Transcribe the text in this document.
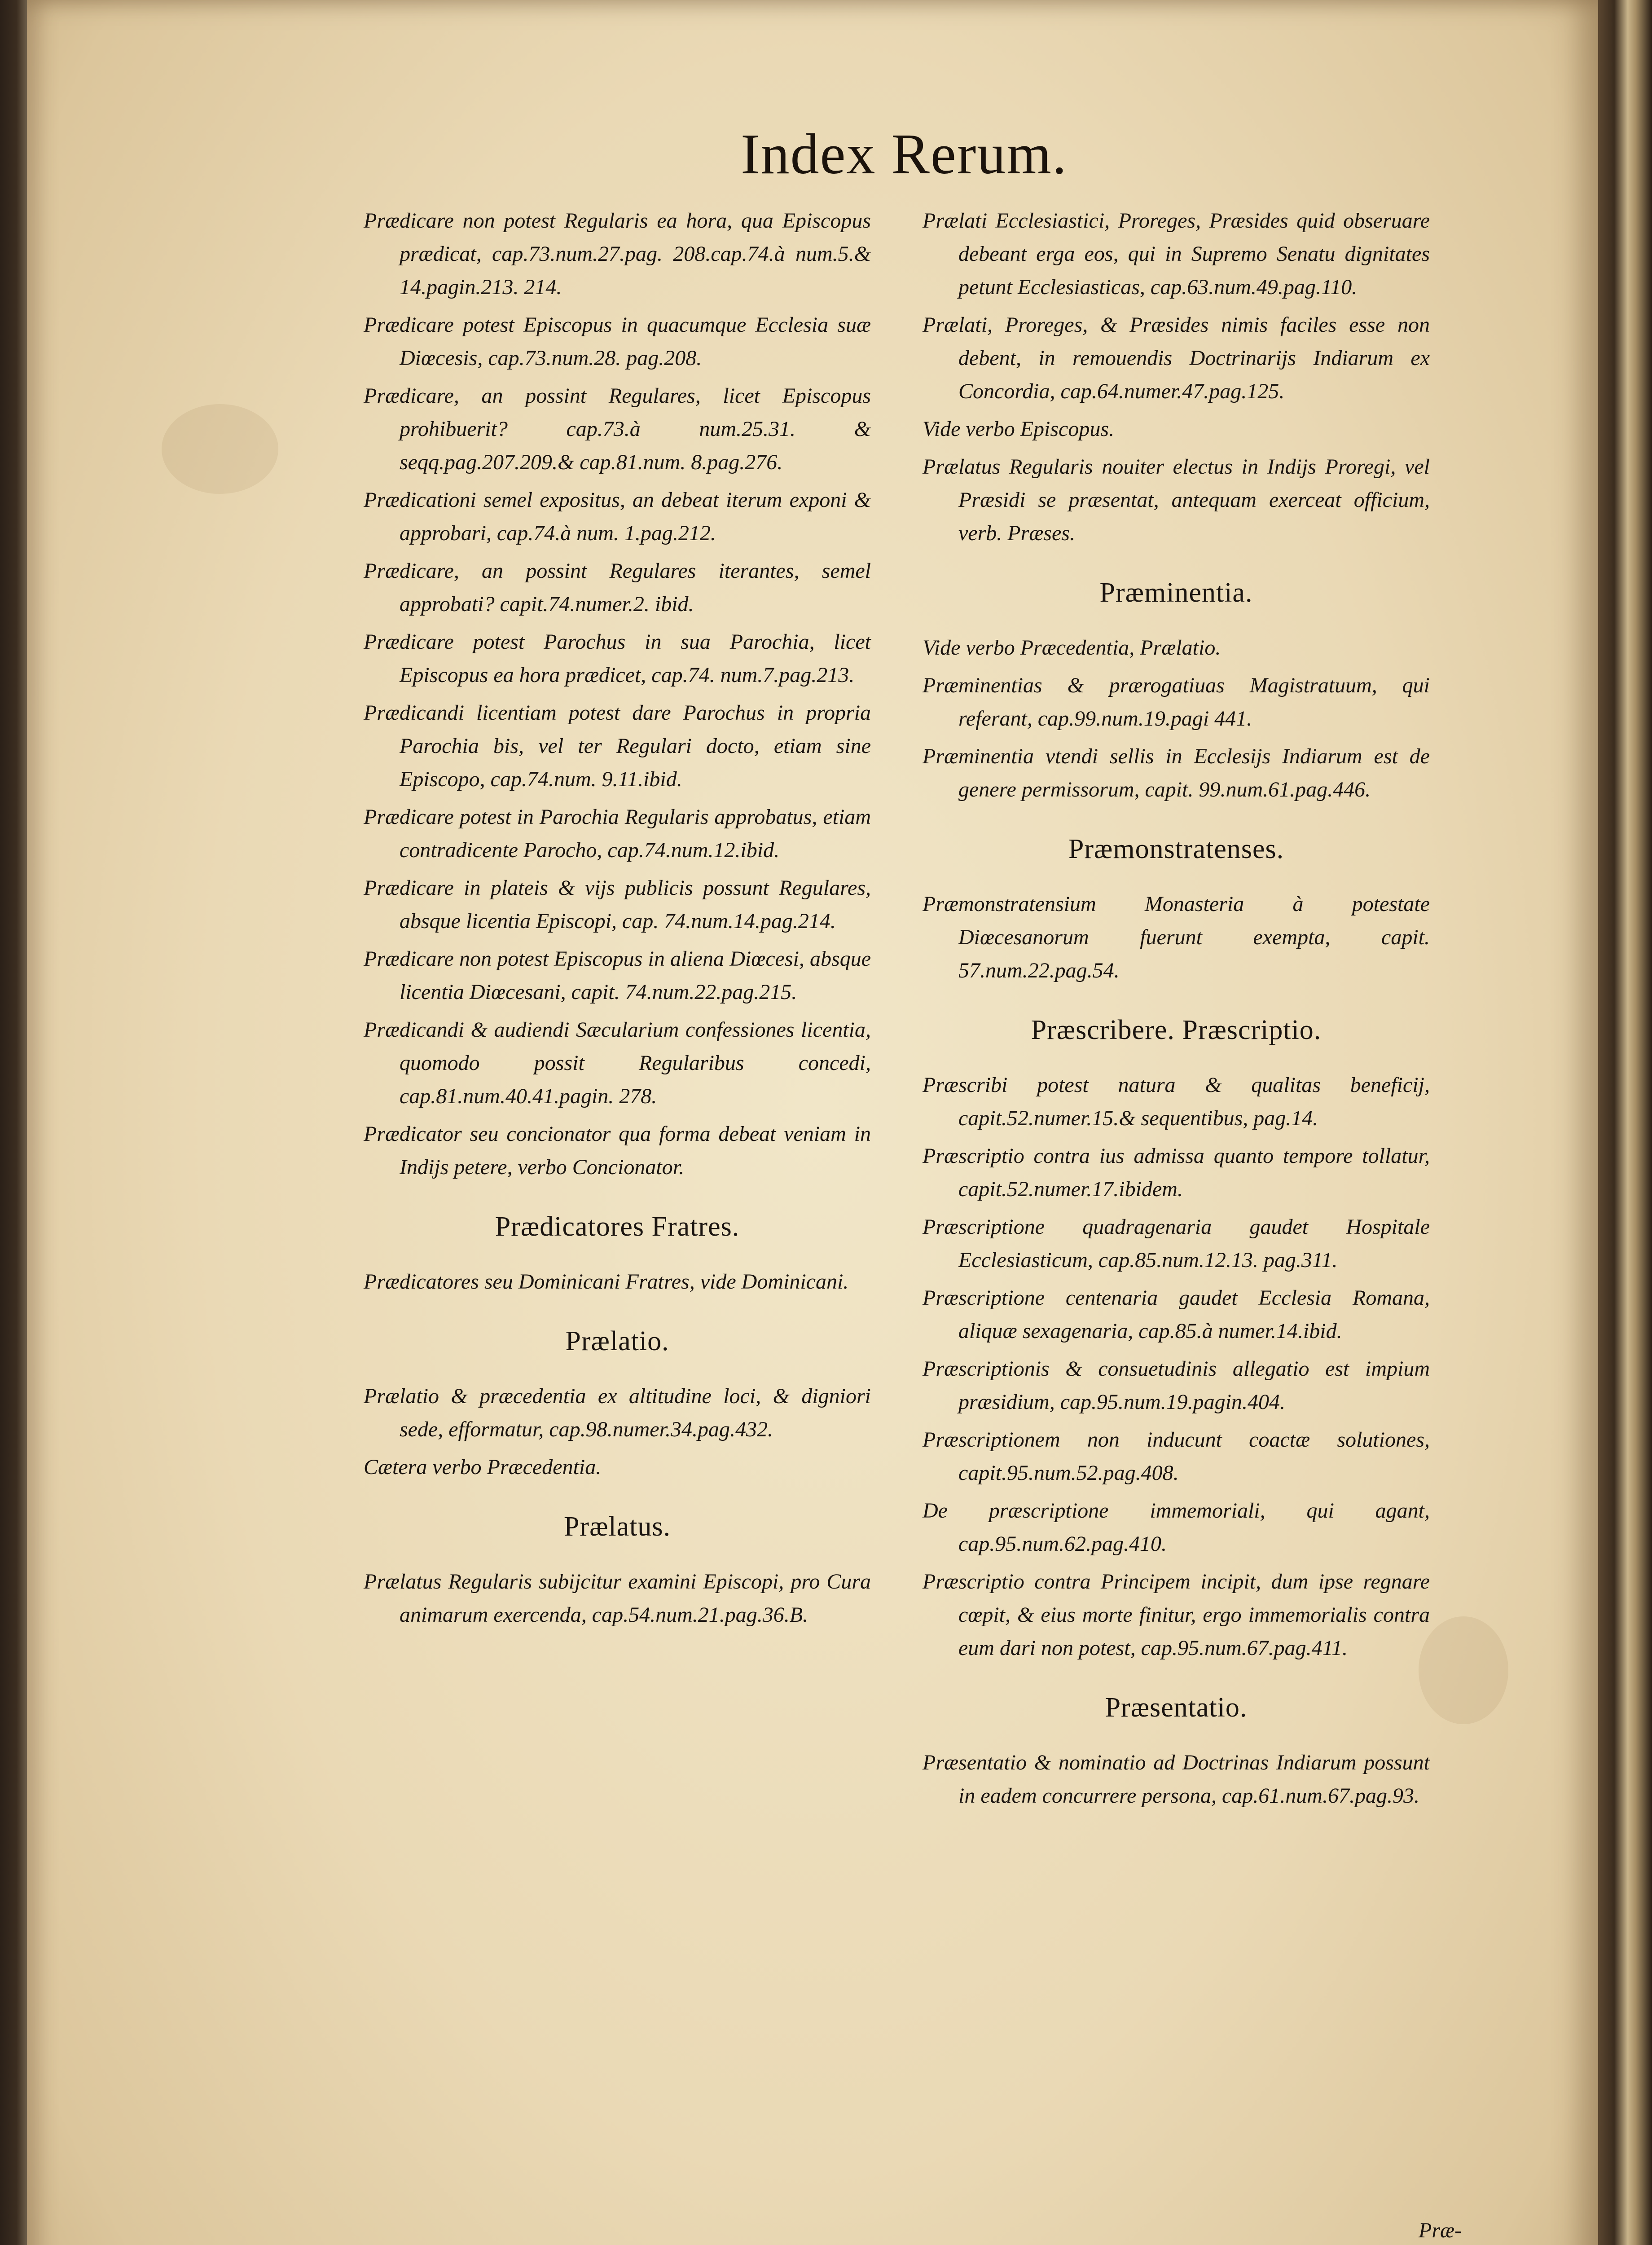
Index Rerum.

Prædicare non potest Regularis ea hora, qua Episcopus prædicat, cap.73.num.27.pag. 208.cap.74.à num.5.& 14.pagin.213. 214.

Prædicare potest Episcopus in quacumque Ecclesia suæ Diœcesis, cap.73.num.28. pag.208.

Prædicare, an possint Regulares, licet Episcopus prohibuerit? cap.73.à num.25.31. & seqq.pag.207.209.& cap.81.num. 8.pag.276.

Prædicationi semel expositus, an debeat iterum exponi & approbari, cap.74.à num. 1.pag.212.

Prædicare, an possint Regulares iterantes, semel approbati? capit.74.numer.2. ibid.

Prædicare potest Parochus in sua Parochia, licet Episcopus ea hora prædicet, cap.74. num.7.pag.213.

Prædicandi licentiam potest dare Parochus in propria Parochia bis, vel ter Regulari docto, etiam sine Episcopo, cap.74.num. 9.11.ibid.

Prædicare potest in Parochia Regularis approbatus, etiam contradicente Parocho, cap.74.num.12.ibid.

Prædicare in plateis & vijs publicis possunt Regulares, absque licentia Episcopi, cap. 74.num.14.pag.214.

Prædicare non potest Episcopus in aliena Diœcesi, absque licentia Diœcesani, capit. 74.num.22.pag.215.

Prædicandi & audiendi Sæcularium confessiones licentia, quomodo possit Regularibus concedi, cap.81.num.40.41.pagin. 278.

Prædicator seu concionator qua forma debeat veniam in Indijs petere, verbo Concionator.

Prædicatores Fratres.

Prædicatores seu Dominicani Fratres, vide Dominicani.

Prælatio.

Prælatio & præcedentia ex altitudine loci, & digniori sede, efformatur, cap.98.numer.34.pag.432.

Cætera verbo Præcedentia.

Prælatus.

Prælatus Regularis subijcitur examini Episcopi, pro Cura animarum exercenda, cap.54.num.21.pag.36.B.

Prælati Ecclesiastici, Proreges, Præsides quid obseruare debeant erga eos, qui in Supremo Senatu dignitates petunt Ecclesiasticas, cap.63.num.49.pag.110.

Prælati, Proreges, & Præsides nimis faciles esse non debent, in remouendis Doctrinarijs Indiarum ex Concordia, cap.64.numer.47.pag.125.

Vide verbo Episcopus.

Prælatus Regularis nouiter electus in Indijs Proregi, vel Præsidi se præsentat, antequam exerceat officium, verb. Præses.

Præminentia.

Vide verbo Præcedentia, Prælatio.

Præminentias & prærogatiuas Magistratuum, qui referant, cap.99.num.19.pagi 441.

Præminentia vtendi sellis in Ecclesijs Indiarum est de genere permissorum, capit. 99.num.61.pag.446.

Præmonstratenses.

Præmonstratensium Monasteria à potestate Diœcesanorum fuerunt exempta, capit. 57.num.22.pag.54.

Præscribere. Præscriptio.

Præscribi potest natura & qualitas beneficij, capit.52.numer.15.& sequentibus, pag.14.

Præscriptio contra ius admissa quanto tempore tollatur, capit.52.numer.17.ibidem.

Præscriptione quadragenaria gaudet Hospitale Ecclesiasticum, cap.85.num.12.13. pag.311.

Præscriptione centenaria gaudet Ecclesia Romana, aliquæ sexagenaria, cap.85.à numer.14.ibid.

Præscriptionis & consuetudinis allegatio est impium præsidium, cap.95.num.19.pagin.404.

Præscriptionem non inducunt coactæ solutiones, capit.95.num.52.pag.408.

De præscriptione immemoriali, qui agant, cap.95.num.62.pag.410.

Præscriptio contra Principem incipit, dum ipse regnare cœpit, & eius morte finitur, ergo immemorialis contra eum dari non potest, cap.95.num.67.pag.411.

Præsentatio.

Præsentatio & nominatio ad Doctrinas Indiarum possunt in eadem concurrere persona, cap.61.num.67.pag.93.

Præ-
